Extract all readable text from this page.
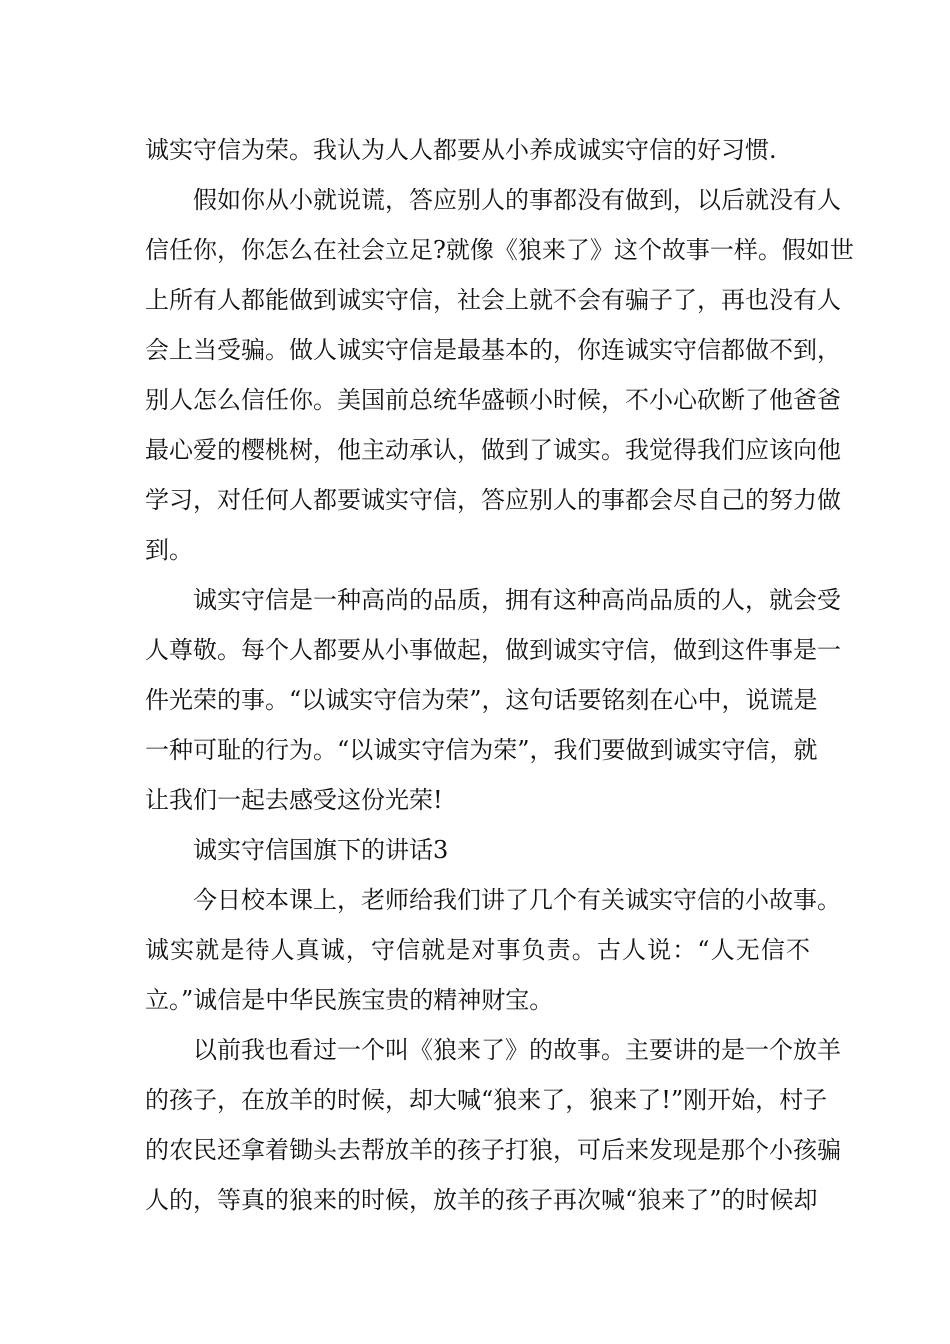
诚实守信为荣。我认为人人都要从小养成诚实守信的好习惯.
假如你从小就说谎，答应别人的事都没有做到，以后就没有人
信任你，你怎么在社会立足?就像《狼来了》这个故事一样。假如世
上所有人都能做到诚实守信，社会上就不会有骗子了，再也没有人
会上当受骗。做人诚实守信是最基本的，你连诚实守信都做不到，
别人怎么信任你。美国前总统华盛顿小时候，不小心砍断了他爸爸
最心爱的樱桃树，他主动承认，做到了诚实。我觉得我们应该向他
学习，对任何人都要诚实守信，答应别人的事都会尽自己的努力做
到。
诚实守信是一种高尚的品质，拥有这种高尚品质的人，就会受
人尊敬。每个人都要从小事做起，做到诚实守信，做到这件事是一
件光荣的事。“以诚实守信为荣”，这句话要铭刻在心中，说谎是
一种可耻的行为。“以诚实守信为荣”，我们要做到诚实守信，就
让我们一起去感受这份光荣!
诚实守信国旗下的讲话3
今日校本课上，老师给我们讲了几个有关诚实守信的小故事。
诚实就是待人真诚，守信就是对事负责。古人说：“人无信不
立。”诚信是中华民族宝贵的精神财宝。
以前我也看过一个叫《狼来了》的故事。主要讲的是一个放羊
的孩子，在放羊的时候，却大喊“狼来了，狼来了!”刚开始，村子
的农民还拿着锄头去帮放羊的孩子打狼，可后来发现是那个小孩骗
人的，等真的狼来的时候，放羊的孩子再次喊“狼来了”的时候却
